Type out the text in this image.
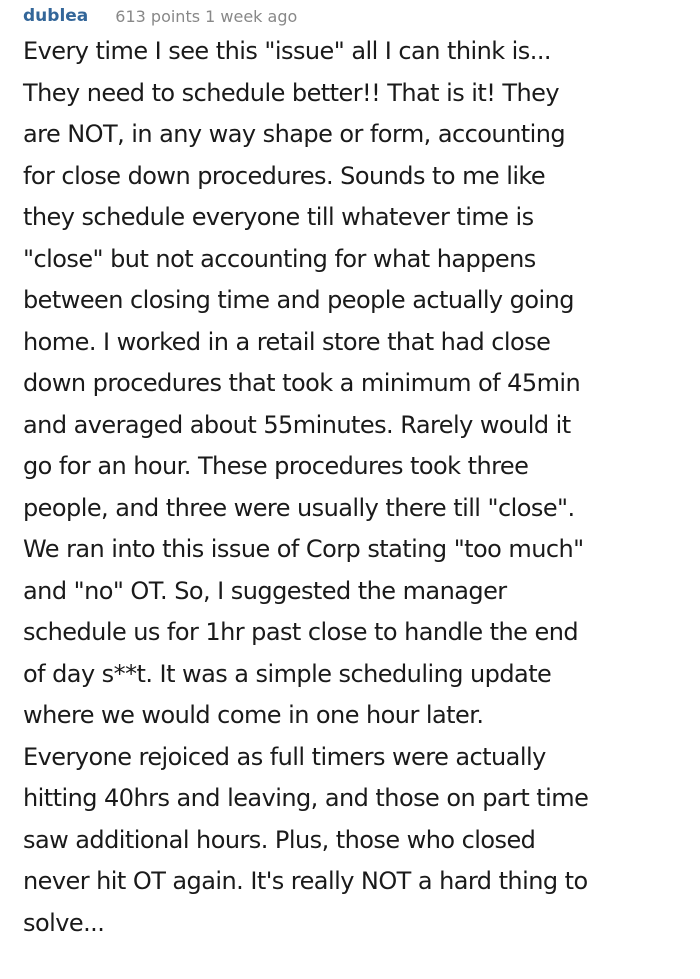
dublea 613 points 1 week ago

Every time I see this "issue" all I can think is...
They need to schedule better!! That is it! They
are NOT, in any way shape or form, accounting
for close down procedures. Sounds to me like
they schedule everyone till whatever time is
"close" but not accounting for what happens
between closing time and people actually going
home. I worked in a retail store that had close
down procedures that took a minimum of 45min
and averaged about 55minutes. Rarely would it
go for an hour. These procedures took three
people, and three were usually there till "close".
We ran into this issue of Corp stating "too much"
and "no" OT. So, I suggested the manager
schedule us for 1hr past close to handle the end
of day s**t. It was a simple scheduling update
where we would come in one hour later.
Everyone rejoiced as full timers were actually
hitting 40hrs and leaving, and those on part time
saw additional hours. Plus, those who closed
never hit OT again. It's really NOT a hard thing to
solve...
